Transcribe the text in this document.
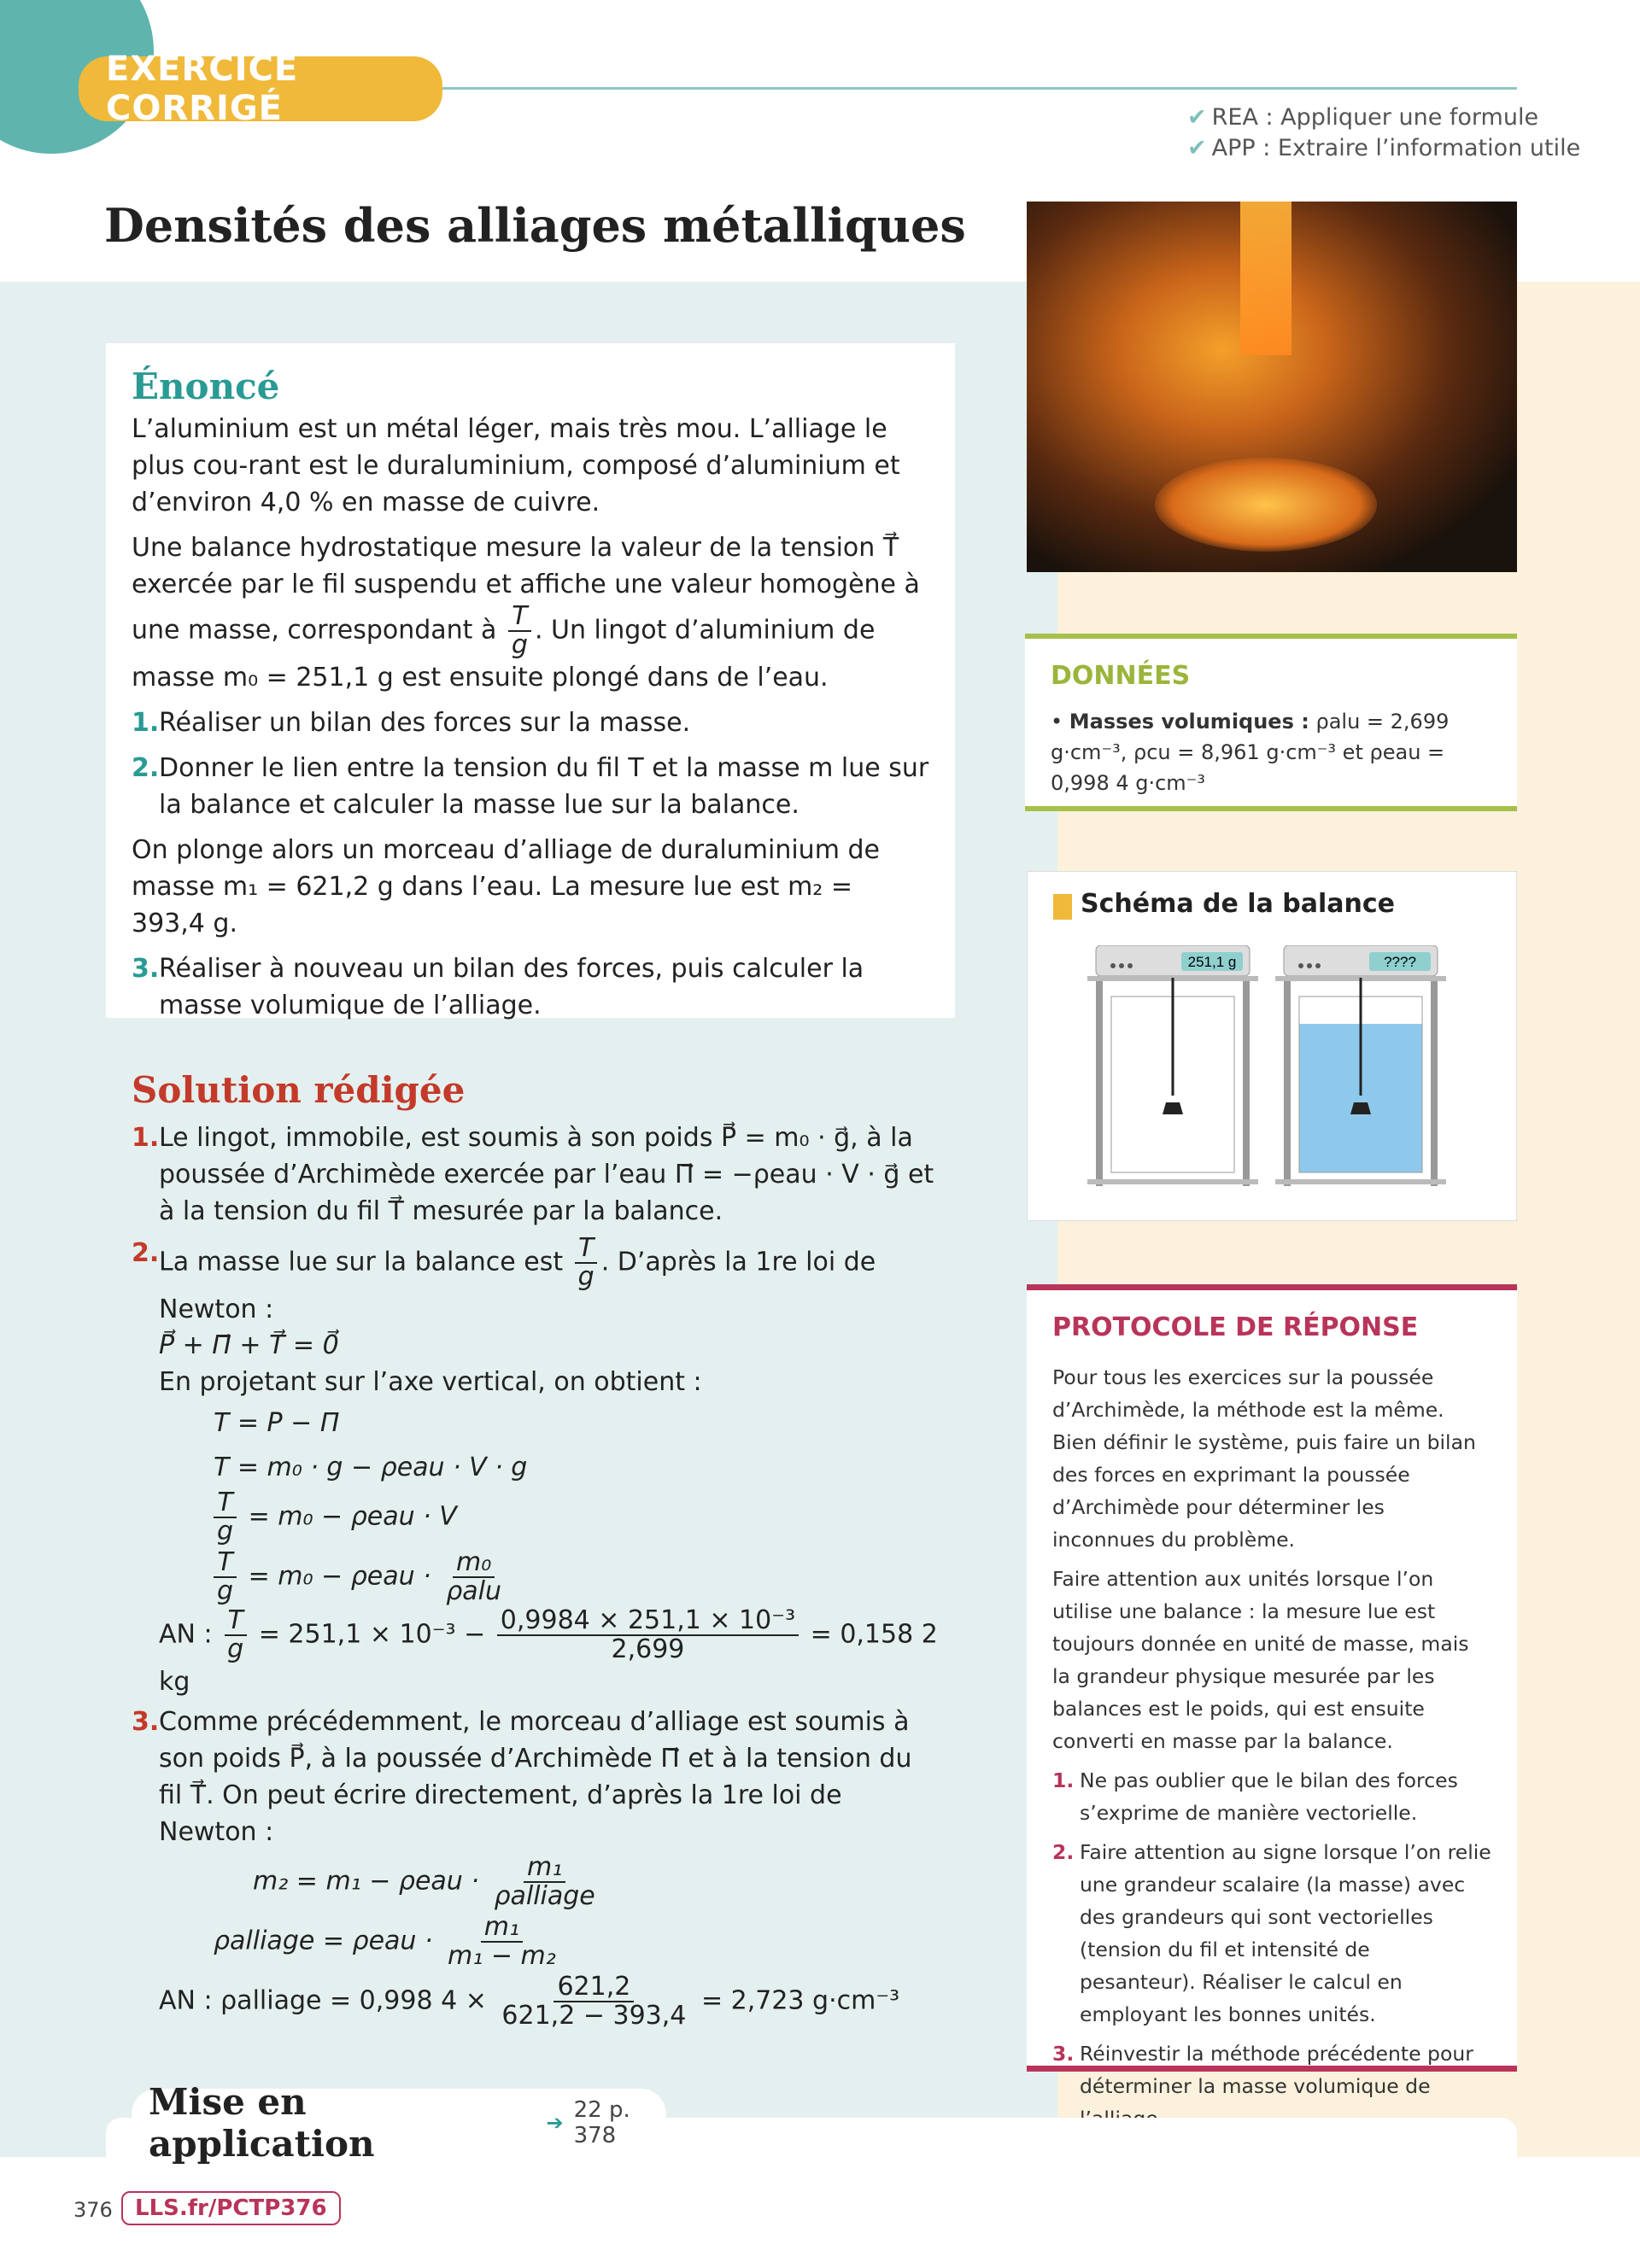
EXERCICE CORRIGÉ	✔ REA : Appliquer une formule
✔ APP : Extraire l’information utile
Densités des alliages métalliques
Énoncé

L’aluminium est un métal léger, mais très mou. L’alliage le plus cou-rant est le duraluminium, composé d’aluminium et d’environ 4,0 % en masse de cuivre.

Une balance hydrostatique mesure la valeur de la tension T⃗ exercée par le fil suspendu et affiche une valeur homogène à une masse, correspondant à $\frac{T}{g}$ . Un lingot d’aluminium de masse m₀ = 251,1 g est ensuite plongé dans de l’eau.

1. Réaliser un bilan des forces sur la masse.
2. Donner le lien entre la tension du fil T et la masse m lue sur la balance et calculer la masse lue sur la balance.

On plonge alors un morceau d’alliage de duraluminium de masse m₁ = 621,2 g dans l’eau. La mesure lue est m₂ = 393,4 g.

3. Réaliser à nouveau un bilan des forces, puis calculer la masse volumique de l’alliage.
Solution rédigée
1. Le lingot, immobile, est soumis à son poids P⃗ = m₀ · g⃗, à la poussée d’Archimède exercée par l’eau Π⃗ = −ρeau · V · g⃗ et à la tension du fil T⃗ mesurée par la balance.
2. La masse lue sur la balance est $\frac{T}{g}$ . D’après la 1re loi de Newton :
P⃗ + Π⃗ + T⃗ = 0⃗
En projetant sur l’axe vertical, on obtient :
T = P − Π
T = m₀ · g − ρeau · V · g
$\frac{T}{g} = m_0 - \rho eau \cdot V$
$\frac{T}{g} = m_0 - \rho eau \cdot \frac{\text{m₀}}{\text{ρalu}}$
AN : $\frac{T}{g} = 251,1 \times 10^{-3} - \frac{\text{0,9984 × 251,1 × 10⁻³}}{2,699} = 0,158$ 2 kg
3. Comme précédemment, le morceau d’alliage est soumis à son poids P⃗, à la poussée d’Archimède Π⃗ et à la tension du fil T⃗. On peut écrire directement, d’après la 1re loi de Newton :
$m_2 = m_1 - \rho eau \cdot \frac{\text{m₁}}{\text{ρalliage}}$
ρalliage = $\rho eau \cdot \frac{\text{m₁}}{\text{m₁ − m₂}}$
AN : ρalliage = 0,998 $4 \times \frac{621,2}{621,2 - 393,4} = 2,723$ g·cm⁻³
DONNÉES

• Masses volumiques : ρalu = 2,699 g·cm⁻³, ρcu = 8,961 g·cm⁻³ et ρeau = 0,998 4 g·cm⁻³

Schéma de la balance
251,1 g	????
PROTOCOLE DE RÉPONSE

Pour tous les exercices sur la poussée d’Archimède, la méthode est la même. Bien définir le système, puis faire un bilan des forces en exprimant la poussée d’Archimède pour déterminer les inconnues du problème.

Faire attention aux unités lorsque l’on utilise une balance : la mesure lue est toujours donnée en unité de masse, mais la grandeur physique mesurée par les balances est le poids, qui est ensuite converti en masse par la balance.

1. Ne pas oublier que le bilan des forces s’exprime de manière vectorielle.
2. Faire attention au signe lorsque l’on relie une grandeur scalaire (la masse) avec des grandeurs qui sont vectorielles (tension du fil et intensité de pesanteur). Réaliser le calcul en employant les bonnes unités.
3. Réinvestir la méthode précédente pour déterminer la masse volumique de
Mise en application	➔ 22 p. 378
376	LLS.fr/PCTP376
